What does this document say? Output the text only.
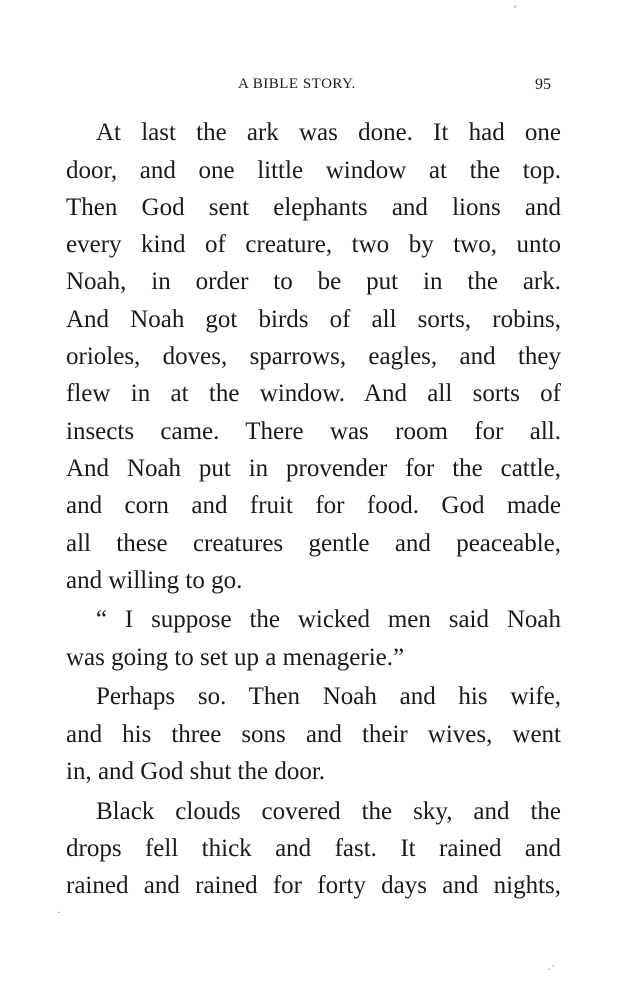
ʹ
A BIBLE STORY.	95
At last the ark was done. It had one
door, and one little window at the top.
Then God sent elephants and lions and
every kind of creature, two by two, unto
Noah, in order to be put in the ark.
And Noah got birds of all sorts, robins,
orioles, doves, sparrows, eagles, and they
flew in at the window. And all sorts of
insects came. There was room for all.
And Noah put in provender for the cattle,
and corn and fruit for food. God made
all these creatures gentle and peaceable,
and willing to go.
“ I suppose the wicked men said Noah
was going to set up a menagerie.”
Perhaps so. Then Noah and his wife,
and his three sons and their wives, went
in, and God shut the door.
Black clouds covered the sky, and the
drops fell thick and fast. It rained and
rained and rained for forty days and nights,
·
·˙
